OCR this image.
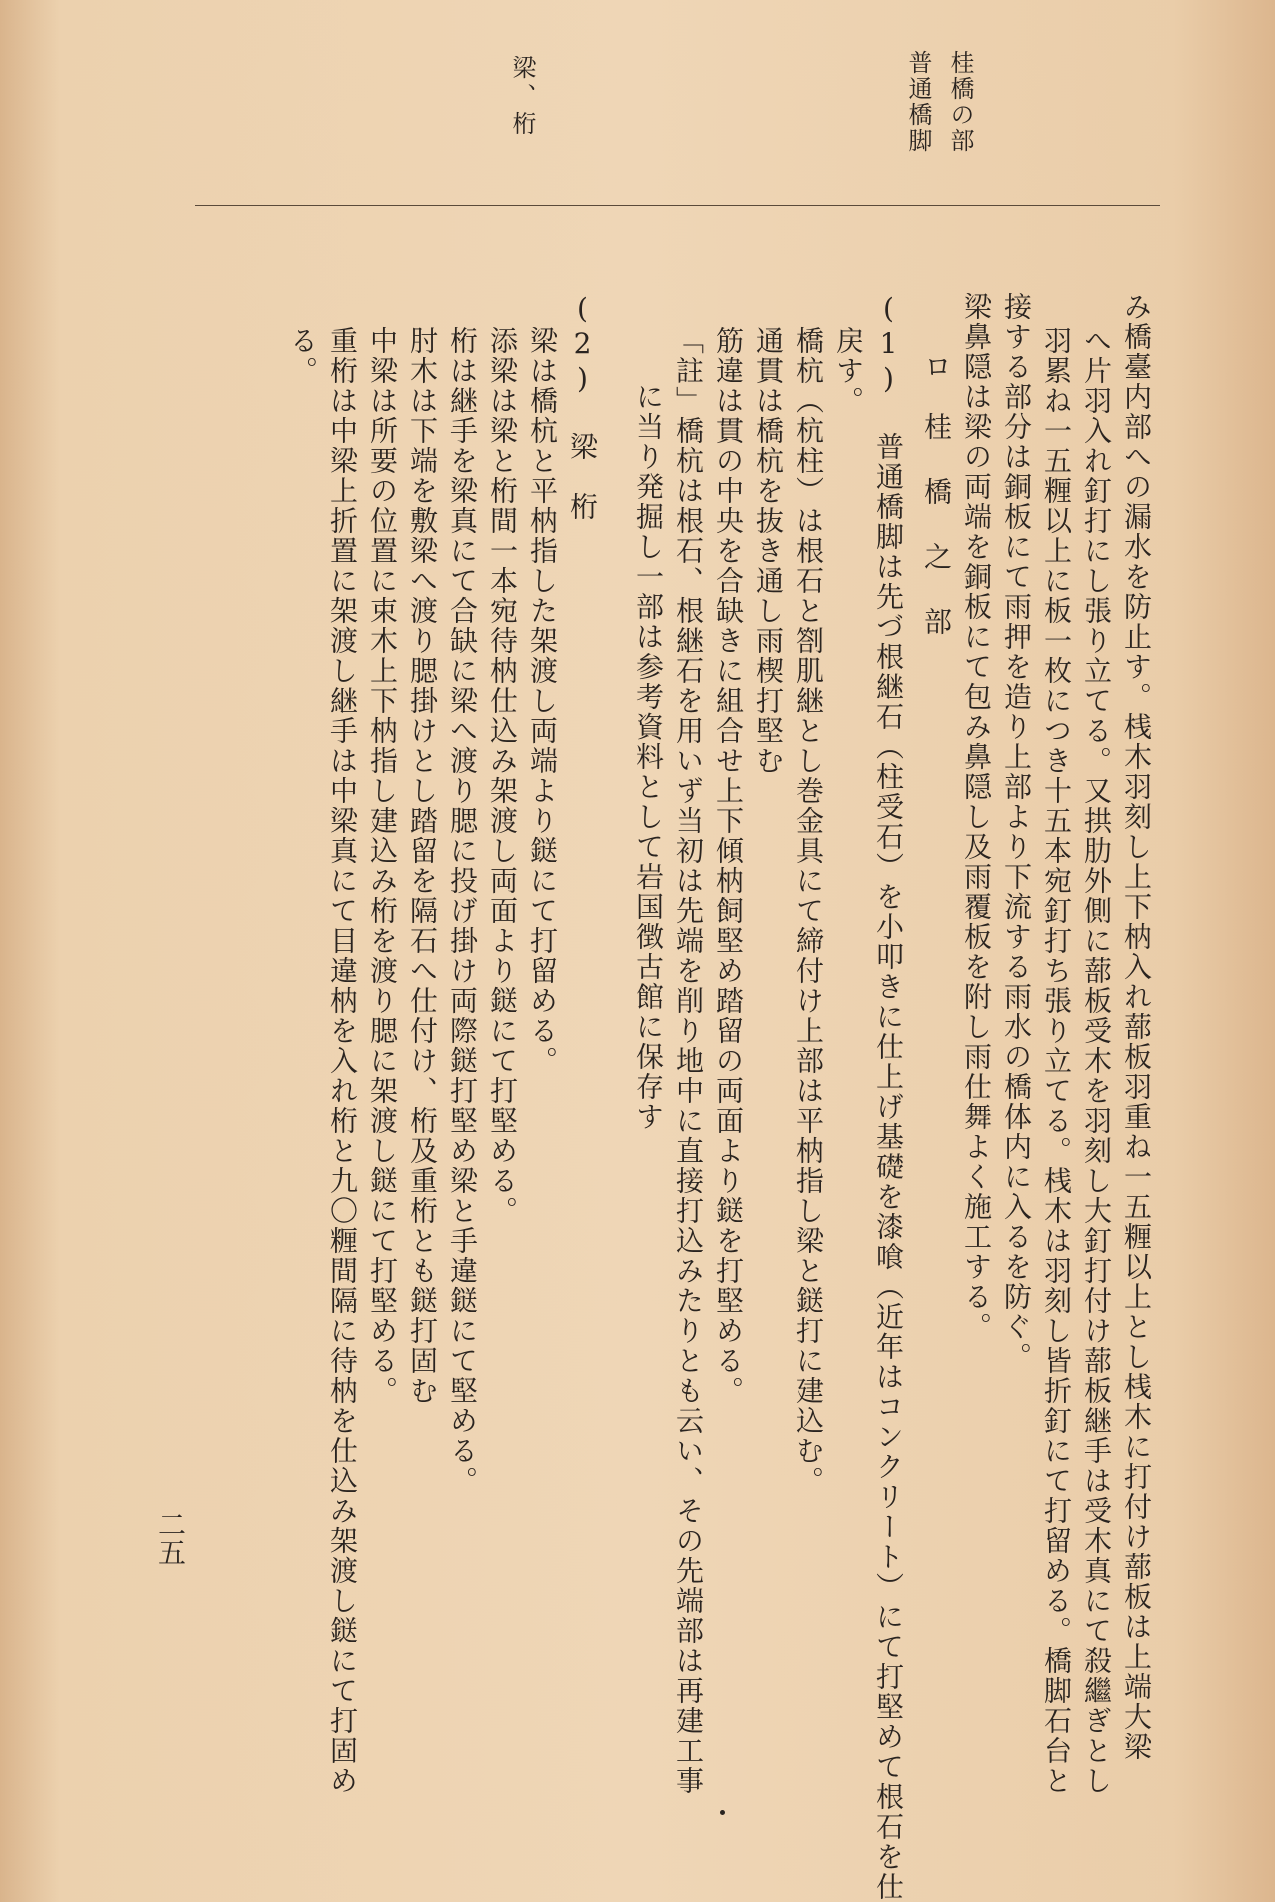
桂橋の部
普通橋脚
梁、桁
み橋臺内部への漏水を防止す。桟木羽刻し上下枘入れ蔀板羽重ね一五糎以上とし桟木に打付け蔀板は上端大梁
へ片羽入れ釘打にし張り立てる。又拱肋外側に蔀板受木を羽刻し大釘打付け蔀板継手は受木真にて殺繼ぎとし
羽累ね一五糎以上に板一枚につき十五本宛釘打ち張り立てる。桟木は羽刻し皆折釘にて打留める。橋脚石台と
接する部分は銅板にて雨押を造り上部より下流する雨水の橋体内に入るを防ぐ。
梁鼻隠は梁の両端を銅板にて包み鼻隠し及雨覆板を附し雨仕舞よく施工する。
ロ　桂 橋 之 部
(1) 普通橋脚は先づ根継石（柱受石）を小叩きに仕上げ基礎を漆喰（近年はコンクリート）にて打堅めて根石を仕
戻す。
橋杭（杭柱）は根石と劄肌継とし巻金具にて締付け上部は平枘指し梁と鎹打に建込む。
通貫は橋杭を抜き通し雨楔打堅む
筋違は貫の中央を合缺きに組合せ上下傾枘飼堅め踏留の両面より鎹を打堅める。
「註」橋杭は根石、根継石を用いず当初は先端を削り地中に直接打込みたりとも云い、その先端部は再建工事
に当り発掘し一部は参考資料として岩国徴古館に保存す
(2) 梁　桁
梁は橋杭と平枘指した架渡し両端より鎹にて打留める。
添梁は梁と桁間一本宛待枘仕込み架渡し両面より鎹にて打堅める。
桁は継手を梁真にて合缺に梁へ渡り腮に投げ掛け両際鎹打堅め梁と手違鎹にて堅める。
肘木は下端を敷梁へ渡り腮掛けとし踏留を隔石へ仕付け、桁及重桁とも鎹打固む
中梁は所要の位置に束木上下枘指し建込み桁を渡り腮に架渡し鎹にて打堅める。
重桁は中梁上折置に架渡し継手は中梁真にて目違枘を入れ桁と九〇糎間隔に待枘を仕込み架渡し鎹にて打固め
る。
二五
